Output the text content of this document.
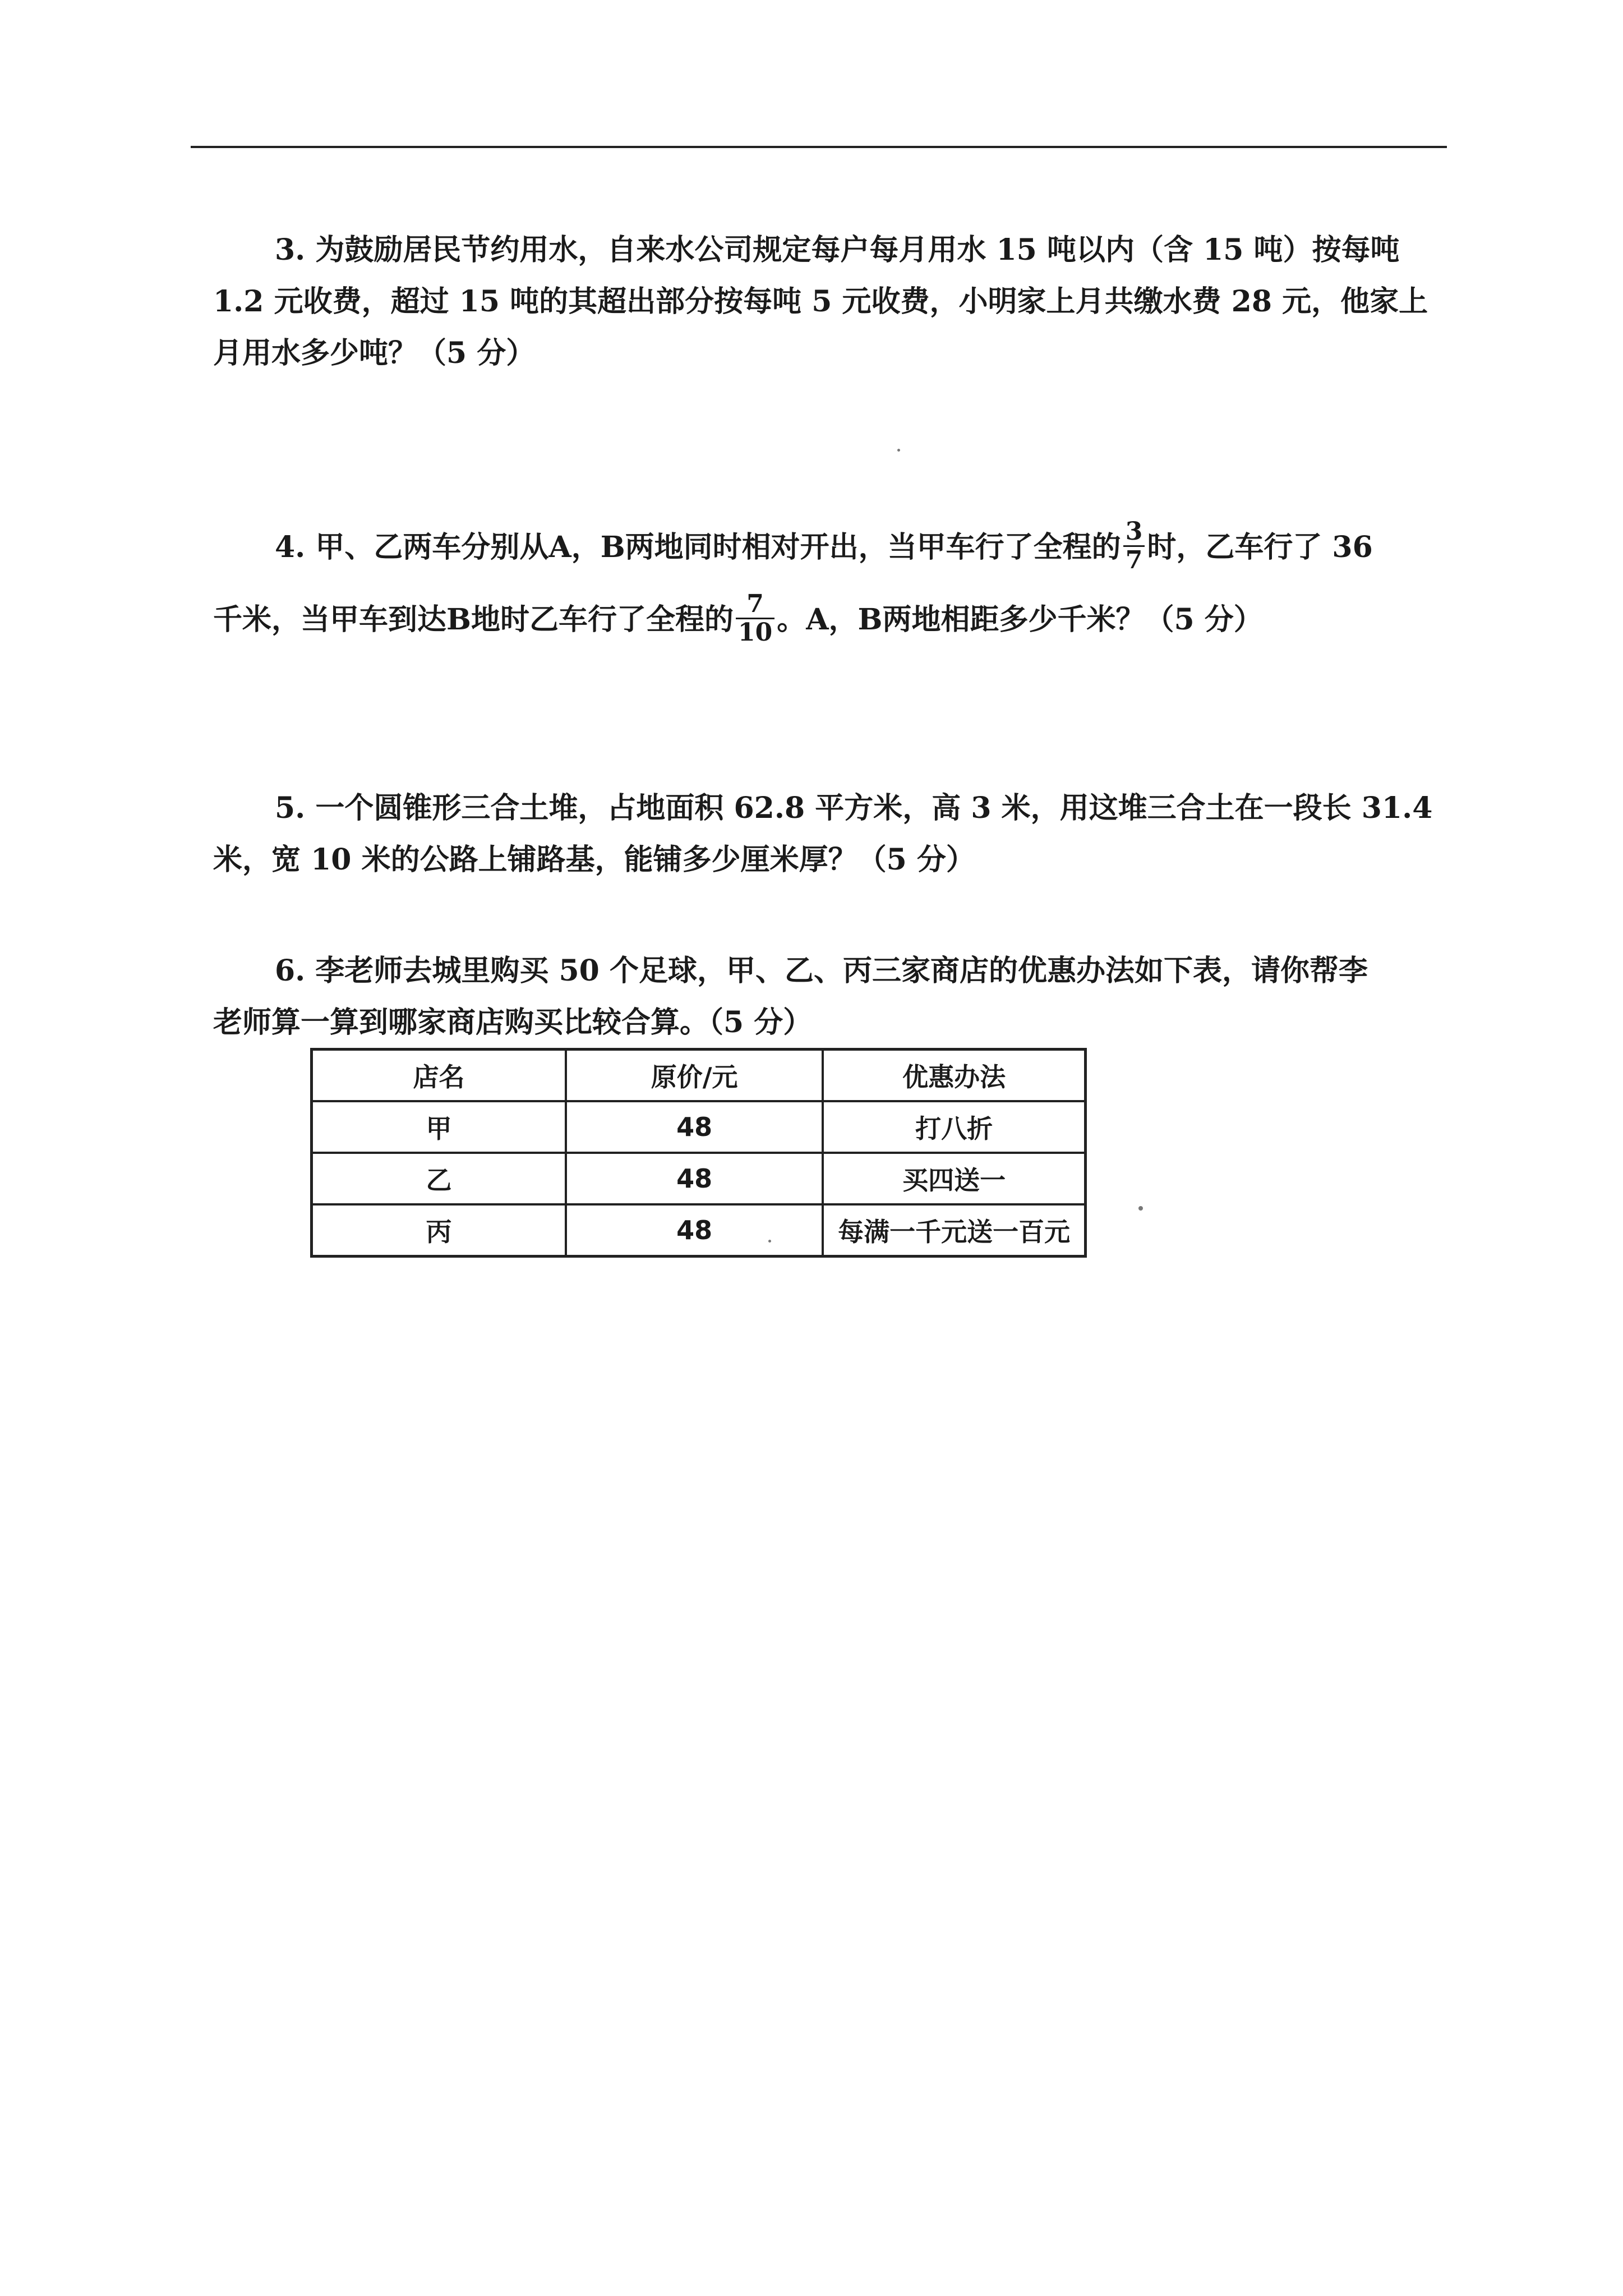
3. 为鼓励居民节约用水，自来水公司规定每户每月用水 15 吨以内（含 15 吨）按每吨
1.2 元收费，超过 15 吨的其超出部分按每吨 5 元收费，小明家上月共缴水费 28 元，他家上
月用水多少吨？（5 分）
4. 甲、乙两车分别从A，B两地同时相对开出，当甲车行了全程的 $\frac{3}{7}$ 时，乙车行了 36
千米，当甲车到达B地时乙车行了全程的 $\frac{7}{10}$ 。A，B两地相距多少千米？（5 分）
5. 一个圆锥形三合土堆，占地面积 62.8 平方米，高 3 米，用这堆三合土在一段长 31.4
米，宽 10 米的公路上铺路基，能铺多少厘米厚？（5 分）
6. 李老师去城里购买 50 个足球，甲、乙、丙三家商店的优惠办法如下表，请你帮李
老师算一算到哪家商店购买比较合算。（5 分）
店名	原价/元	优惠办法
甲	48	打八折
乙	48	买四送一
丙	48	每满一千元送一百元
